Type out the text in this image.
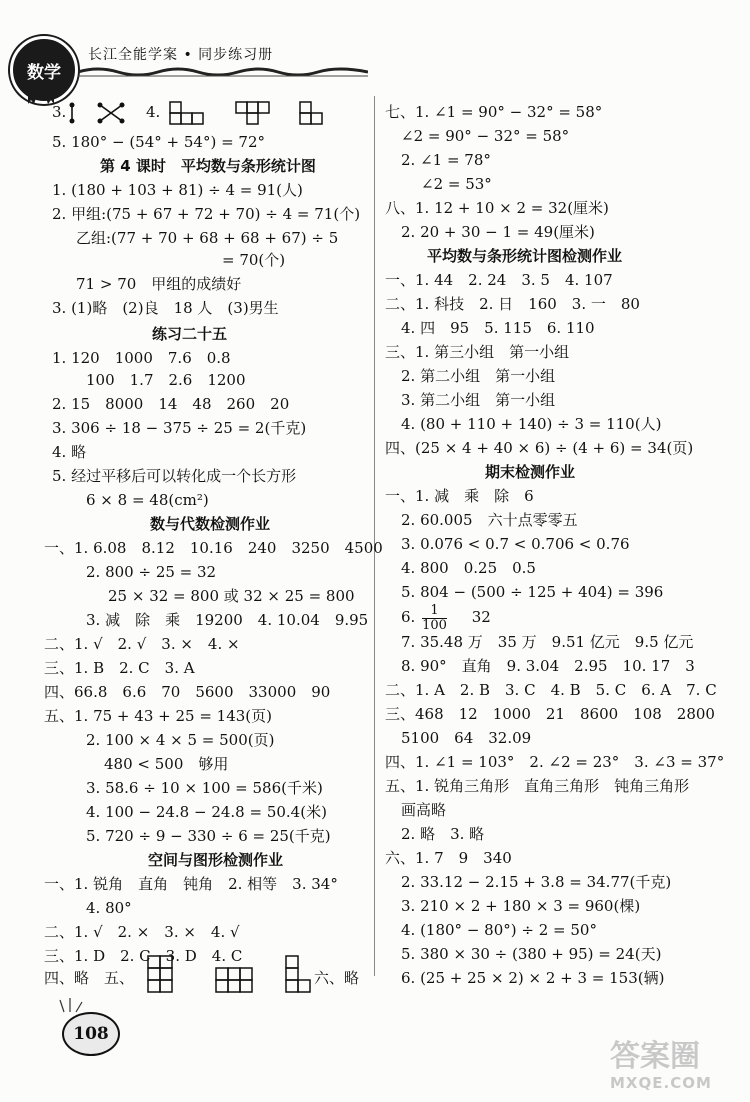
数学
长江全能学案 • 同步练习册
3.	4.
5. 180° − (54° + 54°) = 72°
第 4 课时　平均数与条形统计图
1. (180 + 103 + 81) ÷ 4 = 91(人)
2. 甲组:(75 + 67 + 72 + 70) ÷ 4 = 71(个)
乙组:(77 + 70 + 68 + 68 + 67) ÷ 5
= 70(个)
71 > 70　甲组的成绩好
3. (1)略　(2)良　18 人　(3)男生
练习二十五
1. 120　1000　7.6　0.8
100　1.7　2.6　1200
2. 15　8000　14　48　260　20
3. 306 ÷ 18 − 375 ÷ 25 = 2(千克)
4. 略
5. 经过平移后可以转化成一个长方形
6 × 8 = 48(cm²)
数与代数检测作业
一、1. 6.08　8.12　10.16　240　3250　4500
2. 800 ÷ 25 = 32
25 × 32 = 800 或 32 × 25 = 800
3. 减　除　乘　19200　4. 10.04　9.95
二、1. √　2. √　3. ×　4. ×
三、1. B　2. C　3. A
四、66.8　6.6　70　5600　33000　90
五、1. 75 + 43 + 25 = 143(页)
2. 100 × 4 × 5 = 500(页)
480 < 500　够用
3. 58.6 ÷ 10 × 100 = 586(千米)
4. 100 − 24.8 − 24.8 = 50.4(米)
5. 720 ÷ 9 − 330 ÷ 6 = 25(千克)
空间与图形检测作业
一、1. 锐角　直角　钝角　2. 相等　3. 34°
4. 80°
二、1. √　2. ×　3. ×　4. √
三、1. D　2. C　3. D　4. C
四、略　五、	六、略
七、1. ∠1 = 90° − 32° = 58°
∠2 = 90° − 32° = 58°
2. ∠1 = 78°
∠2 = 53°
八、1. 12 + 10 × 2 = 32(厘米)
2. 20 + 30 − 1 = 49(厘米)
平均数与条形统计图检测作业
一、1. 44　2. 24　3. 5　4. 107
二、1. 科技　2. 日　160　3. 一　80
4. 四　95　5. 115　6. 110
三、1. 第三小组　第一小组
2. 第二小组　第一小组
3. 第二小组　第一小组
4. (80 + 110 + 140) ÷ 3 = 110(人)
四、(25 × 4 + 40 × 6) ÷ (4 + 6) = 34(页)
期末检测作业
一、1. 减　乘　除　6
2. 60.005　六十点零零五
3. 0.076 < 0.7 < 0.706 < 0.76
4. 800　0.25　0.5
5. 804 − (500 ÷ 125 + 404) = 396
6. $\frac{1}{100} 32$
7. 35.48 万　35 万　9.51 亿元　9.5 亿元
8. 90°　直角　9. 3.04　2.95　10. 17　3
二、1. A　2. B　3. C　4. B　5. C　6. A　7. C
三、468　12　1000　21　8600　108　2800
5100　64　32.09
四、1. ∠1 = 103°　2. ∠2 = 23°　3. ∠3 = 37°
五、1. 锐角三角形　直角三角形　钝角三角形
画高略
2. 略　3. 略
六、1. 7　9　340
2. 33.12 − 2.15 + 3.8 = 34.77(千克)
3. 210 × 2 + 180 × 3 = 960(棵)
4. (180° − 80°) ÷ 2 = 50°
5. 380 × 30 ÷ (380 + 95) = 24(天)
6. (25 + 25 × 2) × 2 + 3 = 153(辆)
108
答案圈
MXQE.COM
